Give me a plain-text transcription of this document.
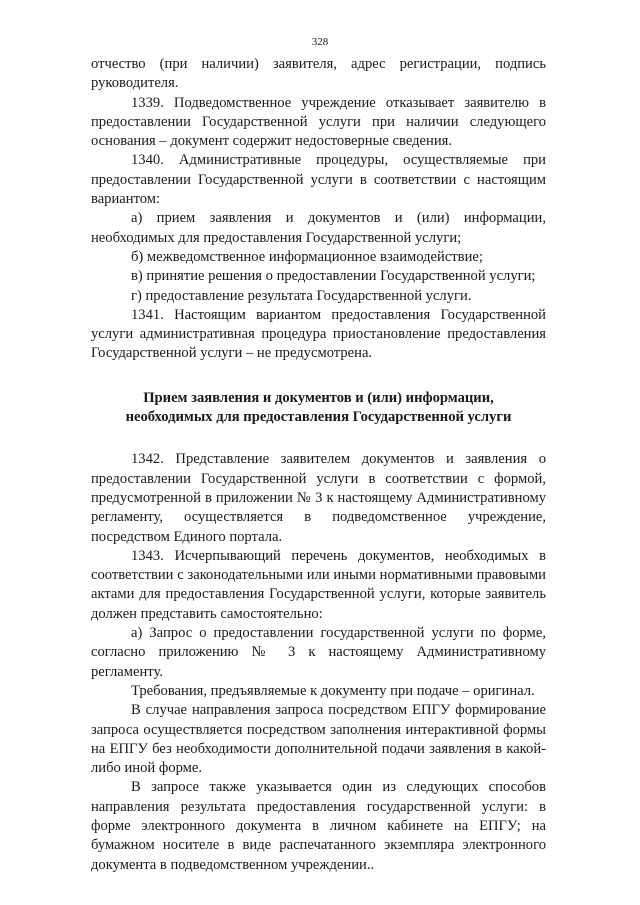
328

отчество (при наличии) заявителя, адрес регистрации, подпись руководителя.

1339. Подведомственное учреждение отказывает заявителю в предоставлении Государственной услуги при наличии следующего основания – документ содержит недостоверные сведения.

1340. Административные процедуры, осуществляемые при предоставлении Государственной услуги в соответствии с настоящим вариантом:

а) прием заявления и документов и (или) информации, необходимых для предоставления Государственной услуги;

б) межведомственное информационное взаимодействие;

в) принятие решения о предоставлении Государственной услуги;

г) предоставление результата Государственной услуги.

1341. Настоящим вариантом предоставления Государственной услуги административная процедура приостановление предоставления Государственной услуги – не предусмотрена.

Прием заявления и документов и (или) информации,
необходимых для предоставления Государственной услуги

1342. Представление заявителем документов и заявления о предоставлении Государственной услуги в соответствии с формой, предусмотренной в приложении № 3 к настоящему Административному регламенту, осуществляется в подведомственное учреждение, посредством Единого портала.

1343. Исчерпывающий перечень документов, необходимых в соответствии с законодательными или иными нормативными правовыми актами для предоставления Государственной услуги, которые заявитель должен представить самостоятельно:

а) Запрос о предоставлении государственной услуги по форме, согласно приложению № 3 к настоящему Административному регламенту.

Требования, предъявляемые к документу при подаче – оригинал.

В случае направления запроса посредством ЕПГУ формирование запроса осуществляется посредством заполнения интерактивной формы на ЕПГУ без необходимости дополнительной подачи заявления в какой-либо иной форме.

В запросе также указывается один из следующих способов направления результата предоставления государственной услуги: в форме электронного документа в личном кабинете на ЕПГУ; на бумажном носителе в виде распечатанного экземпляра электронного документа в подведомственном учреждении..
